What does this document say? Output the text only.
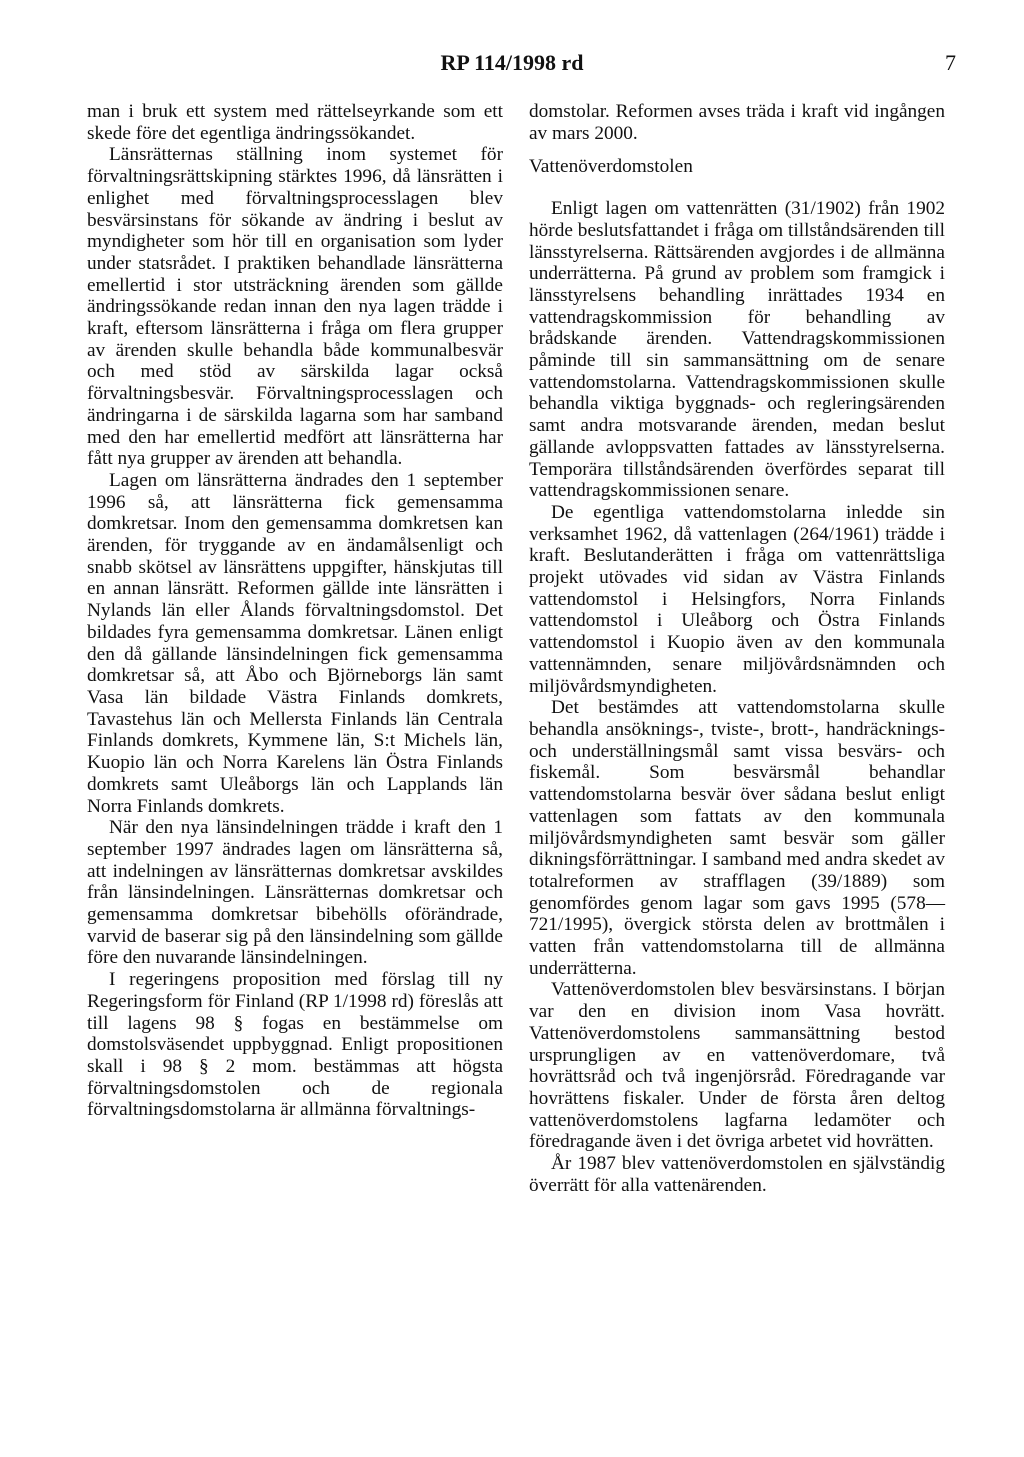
RP 114/1998 rd	7

man i bruk ett system med rättelseyrkande som ett skede före det egentliga ändringssökandet.

Länsrätternas ställning inom systemet för förvaltningsrättskipning stärktes 1996, då länsrätten i enlighet med förvaltningsprocesslagen blev besvärsinstans för sökande av ändring i beslut av myndigheter som hör till en organisation som lyder under statsrådet. I praktiken behandlade länsrätterna emellertid i stor utsträckning ärenden som gällde ändringssökande redan innan den nya lagen trädde i kraft, eftersom länsrätterna i fråga om flera grupper av ärenden skulle behandla både kommunalbesvär och med stöd av särskilda lagar också förvaltningsbesvär. Förvaltningsprocesslagen och ändringarna i de särskilda lagarna som har samband med den har emellertid medfört att länsrätterna har fått nya grupper av ärenden att behandla.

Lagen om länsrätterna ändrades den 1 september 1996 så, att länsrätterna fick gemensamma domkretsar. Inom den gemensamma domkretsen kan ärenden, för tryggande av en ändamålsenligt och snabb skötsel av länsrättens uppgifter, hänskjutas till en annan länsrätt. Reformen gällde inte länsrätten i Nylands län eller Ålands förvaltningsdomstol. Det bildades fyra gemensamma domkretsar. Länen enligt den då gällande länsindelningen fick gemensamma domkretsar så, att Åbo och Björneborgs län samt Vasa län bildade Västra Finlands domkrets, Tavastehus län och Mellersta Finlands län Centrala Finlands domkrets, Kymmene län, S:t Michels län, Kuopio län och Norra Karelens län Östra Finlands domkrets samt Uleåborgs län och Lapplands län Norra Finlands domkrets.

När den nya länsindelningen trädde i kraft den 1 september 1997 ändrades lagen om länsrätterna så, att indelningen av länsrätternas domkretsar avskildes från länsindelningen. Länsrätternas domkretsar och gemensamma domkretsar bibehölls oförändrade, varvid de baserar sig på den länsindelning som gällde före den nuvarande länsindelningen.

I regeringens proposition med förslag till ny Regeringsform för Finland (RP 1/1998 rd) föreslås att till lagens 98 § fogas en bestämmelse om domstolsväsendet uppbyggnad. Enligt propositionen skall i 98 § 2 mom. bestämmas att högsta förvaltningsdomstolen och de regionala förvaltningsdomstolarna är allmänna förvaltnings-

domstolar. Reformen avses träda i kraft vid ingången av mars 2000.

Vattenöverdomstolen

Enligt lagen om vattenrätten (31/1902) från 1902 hörde beslutsfattandet i fråga om tillståndsärenden till länsstyrelserna. Rättsärenden avgjordes i de allmänna underrätterna. På grund av problem som framgick i länsstyrelsens behandling inrättades 1934 en vattendragskommission för behandling av brådskande ärenden. Vattendragskommissionen påminde till sin sammansättning om de senare vattendomstolarna. Vattendragskommissionen skulle behandla viktiga byggnads- och regleringsärenden samt andra motsvarande ärenden, medan beslut gällande avloppsvatten fattades av länsstyrelserna. Temporära tillståndsärenden överfördes separat till vattendragskommissionen senare.

De egentliga vattendomstolarna inledde sin verksamhet 1962, då vattenlagen (264/1961) trädde i kraft. Beslutanderätten i fråga om vattenrättsliga projekt utövades vid sidan av Västra Finlands vattendomstol i Helsingfors, Norra Finlands vattendomstol i Uleåborg och Östra Finlands vattendomstol i Kuopio även av den kommunala vattennämnden, senare miljövårdsnämnden och miljövårdsmyndigheten.

Det bestämdes att vattendomstolarna skulle behandla ansöknings-, tviste-, brott-, handräcknings- och underställningsmål samt vissa besvärs- och fiskemål. Som besvärsmål behandlar vattendomstolarna besvär över sådana beslut enligt vattenlagen som fattats av den kommunala miljövårdsmyndigheten samt besvär som gäller dikningsförrättningar. I samband med andra skedet av totalreformen av strafflagen (39/1889) som genomfördes genom lagar som gavs 1995 (578—721/1995), övergick största delen av brottmålen i vatten från vattendomstolarna till de allmänna underrätterna.

Vattenöverdomstolen blev besvärsinstans. I början var den en division inom Vasa hovrätt. Vattenöverdomstolens sammansättning bestod ursprungligen av en vattenöverdomare, två hovrättsråd och två ingenjörsråd. Föredragande var hovrättens fiskaler. Under de första åren deltog vattenöverdomstolens lagfarna ledamöter och föredragande även i det övriga arbetet vid hovrätten.

År 1987 blev vattenöverdomstolen en självständig överrätt för alla vattenärenden.
